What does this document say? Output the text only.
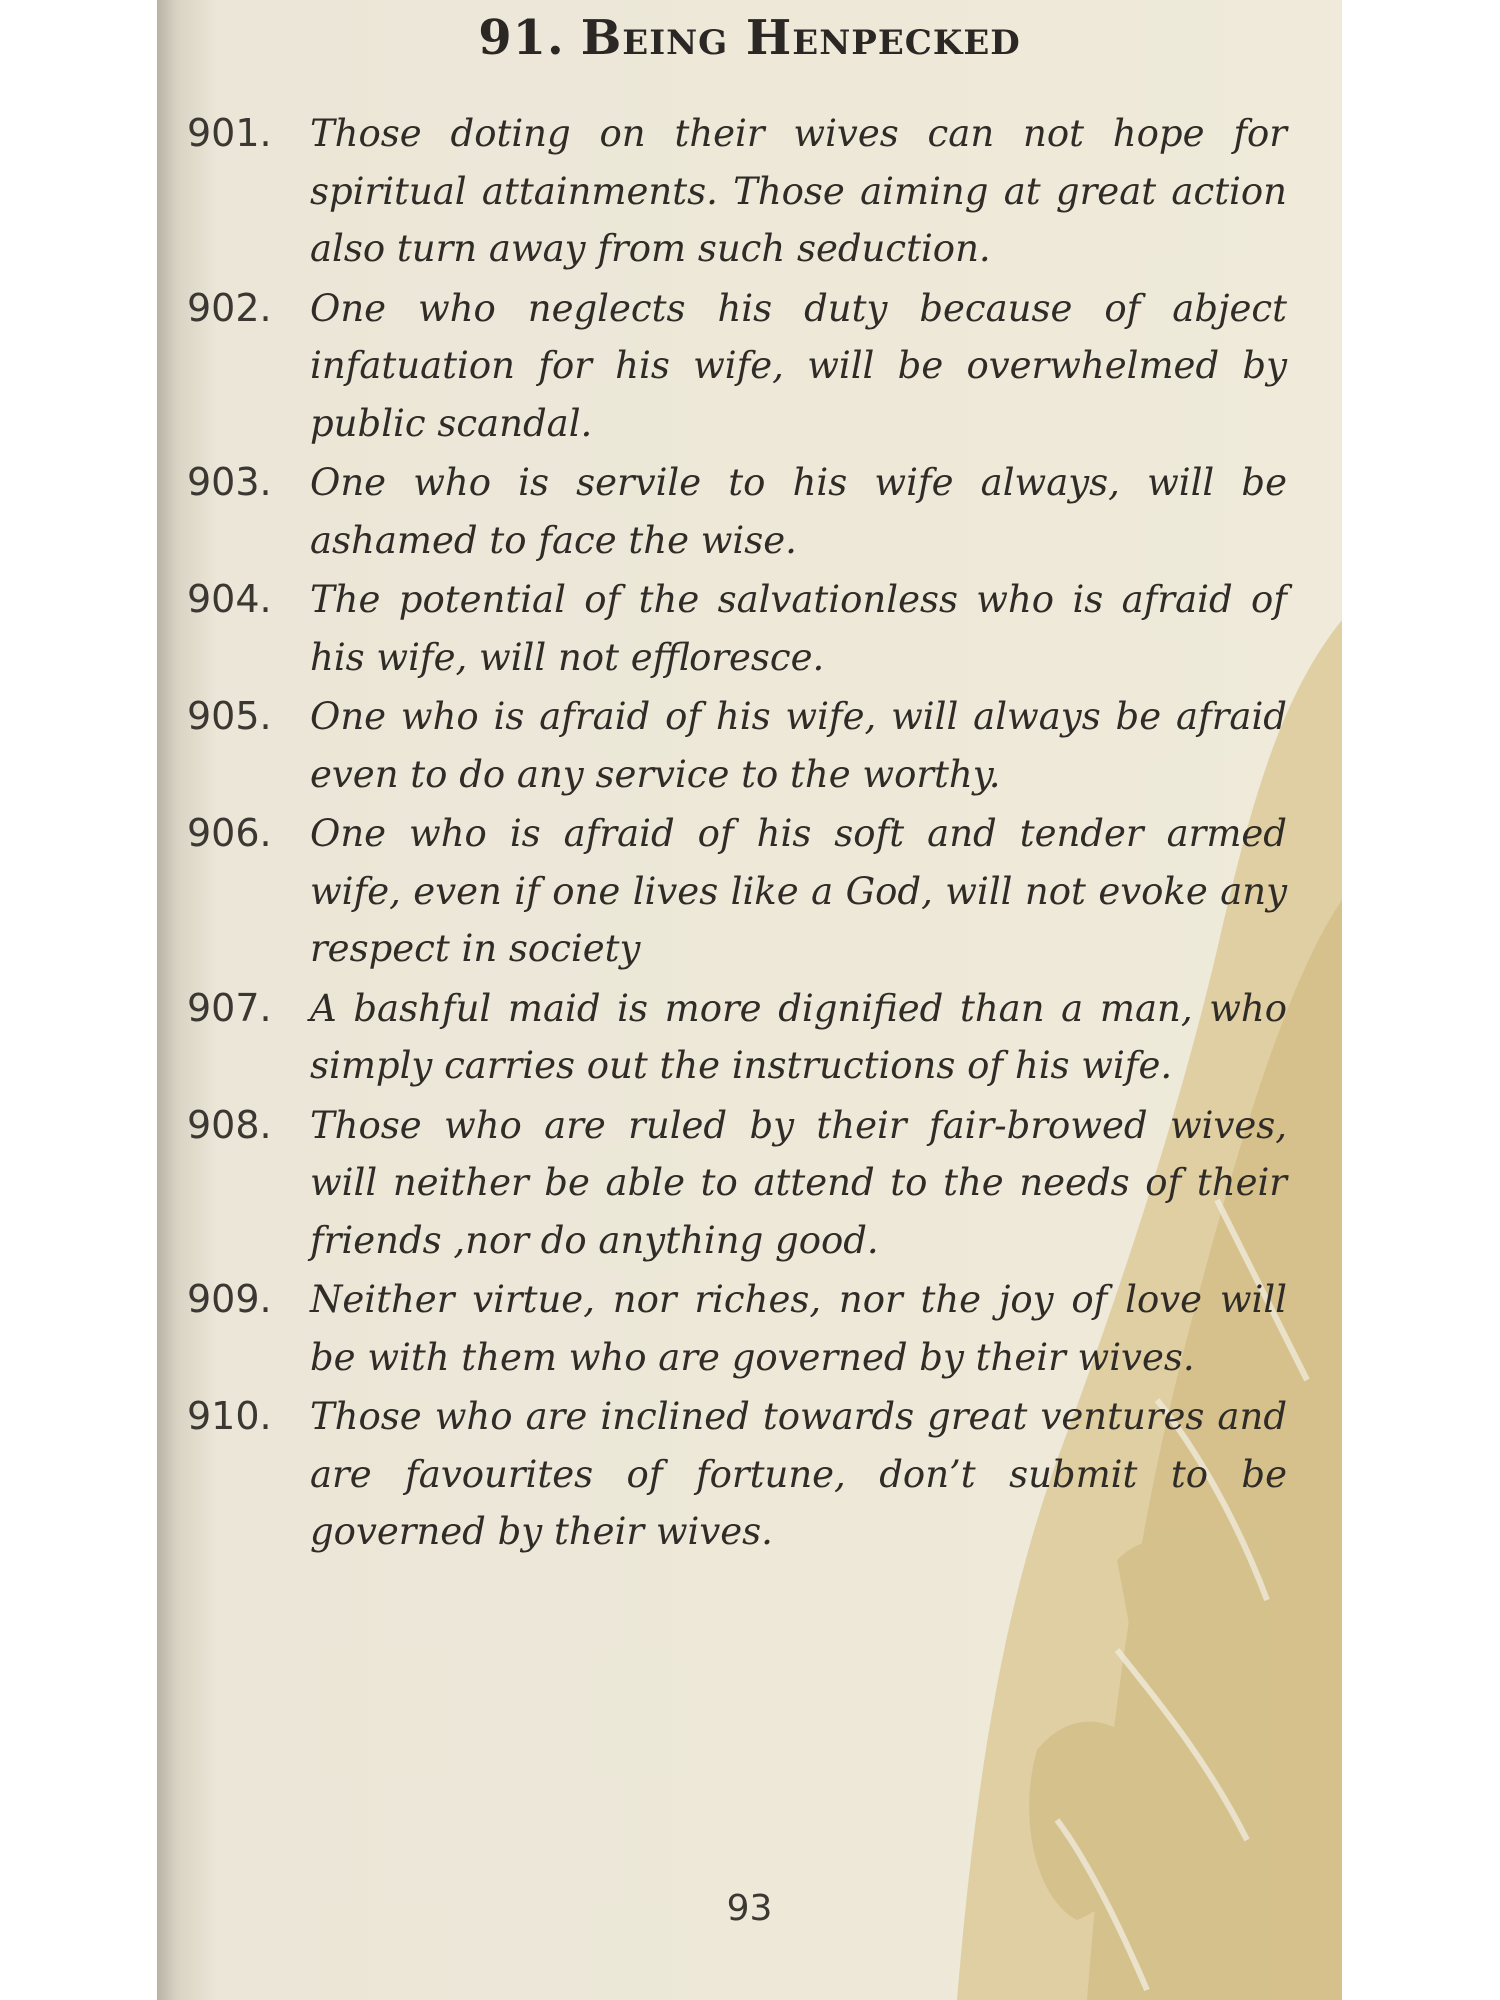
91. Being Henpecked
901.	Those doting on their wives can not hope for spiritual attainments. Those aiming at great action also turn away from such seduction.
902.	One who neglects his duty because of abject infatuation for his wife, will be overwhelmed by public scandal.
903.	One who is servile to his wife always, will be ashamed to face the wise.
904.	The potential of the salvationless who is afraid of his wife, will not effloresce.
905.	One who is afraid of his wife, will always be afraid even to do any service to the worthy.
906.	One who is afraid of his soft and tender armed wife, even if one lives like a God, will not evoke any respect in society
907.	A bashful maid is more dignified than a man, who simply carries out the instructions of his wife.
908.	Those who are ruled by their fair-browed wives, will neither be able to attend to the needs of their friends ,nor do anything good.
909.	Neither virtue, nor riches, nor the joy of love will be with them who are governed by their wives.
910.	Those who are inclined towards great ventures and are favourites of fortune, don’t submit to be governed by their wives.
93
